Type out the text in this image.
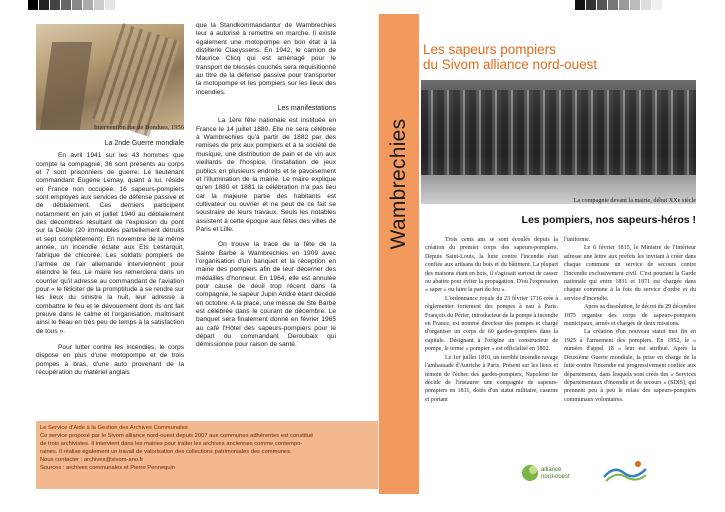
Intervention rue de Bondues, 1956

La 2nde Guerre mondiale

En avril 1941 sur les 43 hommes que compte la compagnie, 36 sont présents au corps et 7 sont prisonniers de guerre. Le lieutenant commandant Eugène Lemay, quant à lui, réside en France non occupée. 16 sapeurs-pompiers sont employés aux services de défense passive et de déblaiement. Ces derniers participent notamment en juin et juillet 1940 au déblaiement des décombres résultant de l'explosion du pont sur la Deûle (20 immeubles partiellement détruits et sept complètement). En novembre de la même année, un incendie éclate aux Ets Lestarquit, fabrique de chicorée. Les soldats pompiers de l'armée de l'air allemande interviennent pour éteindre le feu. Le maire les remerciera dans un courrier qu'il adresse au commandant de l'aviation pour « le féliciter de la promptitude à se rendre sur les lieux du sinistre la nuit, leur adresse à combattre le feu et le dévouement dont ils ont fait preuve dans le calme et l'organisation, maîtrisant ainsi le fléau en très peu de temps à la satisfaction de tous ».

Pour lutter contre les incendies, le corps dispose en plus d'une motopompe et de trois pompes à bras, d'une auto provenant de la récupération du matériel anglais

que la Standkommandantur de Wambrechies leur a autorisé à remettre en marche. Il existe également une motopompe en bon état à la distillerie Claeyssens. En 1942, le camion de Maurice Clicq qui est aménagé pour le transport de blessés couchés sera réquisitionné au titre de la défense passive pour transporter la motopompe et les pompiers sur les lieux des incendies.

Les manifestations

La 1ère fête nationale est instituée en France le 14 juillet 1880. Elle ne sera célébrée à Wambrechies qu'à partir de 1882 par des remises de prix aux pompiers et à la société de musique, une distribution de pain et de vin aux vieillards de l'hospice, l'installation de jeux publics en plusieurs endroits et le pavoisement et l'illumination de la mairie. Le maire explique qu'en 1880 et 1881 la célébration n'a pas lieu car la majeure partie des habitants est cultivateur ou ouvrier et ne peut de ce fait se soustraire de leurs travaux. Seuls les notables assistent à cette époque aux fêtes des villes de Paris et Lille.

On trouve la trace de la fête de la Sainte Barbe à Wambrechies en 1909 avec l'organisation d'un banquet et la réception en mairie des pompiers afin de leur décerner des médailles d'honneur. En 1964, elle est annulée pour cause de deuil trop récent dans la compagnie, le sapeur Jupin André étant décédé en octobre. A la place, une messe de Ste Barbe est célébrée dans le courant de décembre. Le banquet sera finalement donné en février 1965 au café l'Hôtel des sapeurs-pompiers pour le départ du commandant Deroubaix qui démissionne pour raison de santé.

Le Service d'Aide à la Gestion des Archives Communales
Ce service proposé par le Sivom alliance nord-ouest depuis 2007 aux communes adhérentes est constitué
de trois archivistes. Il intervient dans les mairies pour traiter les archives anciennes comme contempo-
raines. Il réalise également un travail de valorisation des collections patrimoniales des communes.
Nous contacter : archives@sivom-ano.fr
Sources : archives communales et Pierre Pennequin
Wambrechies
Les sapeurs pompiers
du Sivom alliance nord-ouest
La compagnie devant la mairie, début XXe siècle
Les pompiers, nos sapeurs-héros !

Trois cents ans se sont écoulés depuis la création du premier corps des sapeurs-pompiers. Depuis Saint-Louis, la lutte contre l'incendie était confiée aux artisans du bois et du bâtiment. La plupart des maisons étant en bois, il s'agissait surtout de casser ou abattre pour éviter la propagation. D'où l'expression « saper » ou faire la part du feu ».

L'ordonnance royale du 23 février 1716 crée à règlementer fortement des pompes à eau à Paris. François du Périer, introducteur de la pompe à incendie en France, est nommé directeur des pompes et chargé d'organiser un corps de 60 gardes-pompiers dans la capitale. Désignant à l'origine un constructeur de pompe, le terme « pompier » est officialisé en 1802.

Le 1er juillet 1810, un terrible incendie ravage l'ambassade d'Autriche à Paris. Présent sur les lieux et témoin de l'échec des gardes-pompiers, Napoléon Ier décide de l'instaurer une compagnie de sapeurs-pompiers en 1811, dotés d'un statut militaire, caserne et portant

l'uniforme.

Le 6 février 1815, le Ministre de l'Intérieur adresse une lettre aux préfets les invitant à créer dans chaque commune un service de secours contre l'incendie exclusivement civil. C'est pourtant la Garde nationale qui entre 1831 et 1871 est chargée dans chaque commune à la fois du service d'ordre et du service d'incendie.

Après sa dissolution, le décret du 29 décembre 1875 organise des corps de sapeurs-pompiers municipaux, armés et chargés de deux missions.

La création d'un nouveau statut met fin en 1925 à l'armement des pompiers. En 1952, le « numéro d'appel 18 » leur est attribué. Après la Deuxième Guerre mondiale, la prise en charge de la lutte contre l'incendie est progressivement confiée aux départements, dans lesquels sont créés des « Services départementaux d'incendie et de secours » (SDIS), qui prennent peu à peu le relais des sapeurs-pompiers communaux volontaires.

alliance
nord-ouest
